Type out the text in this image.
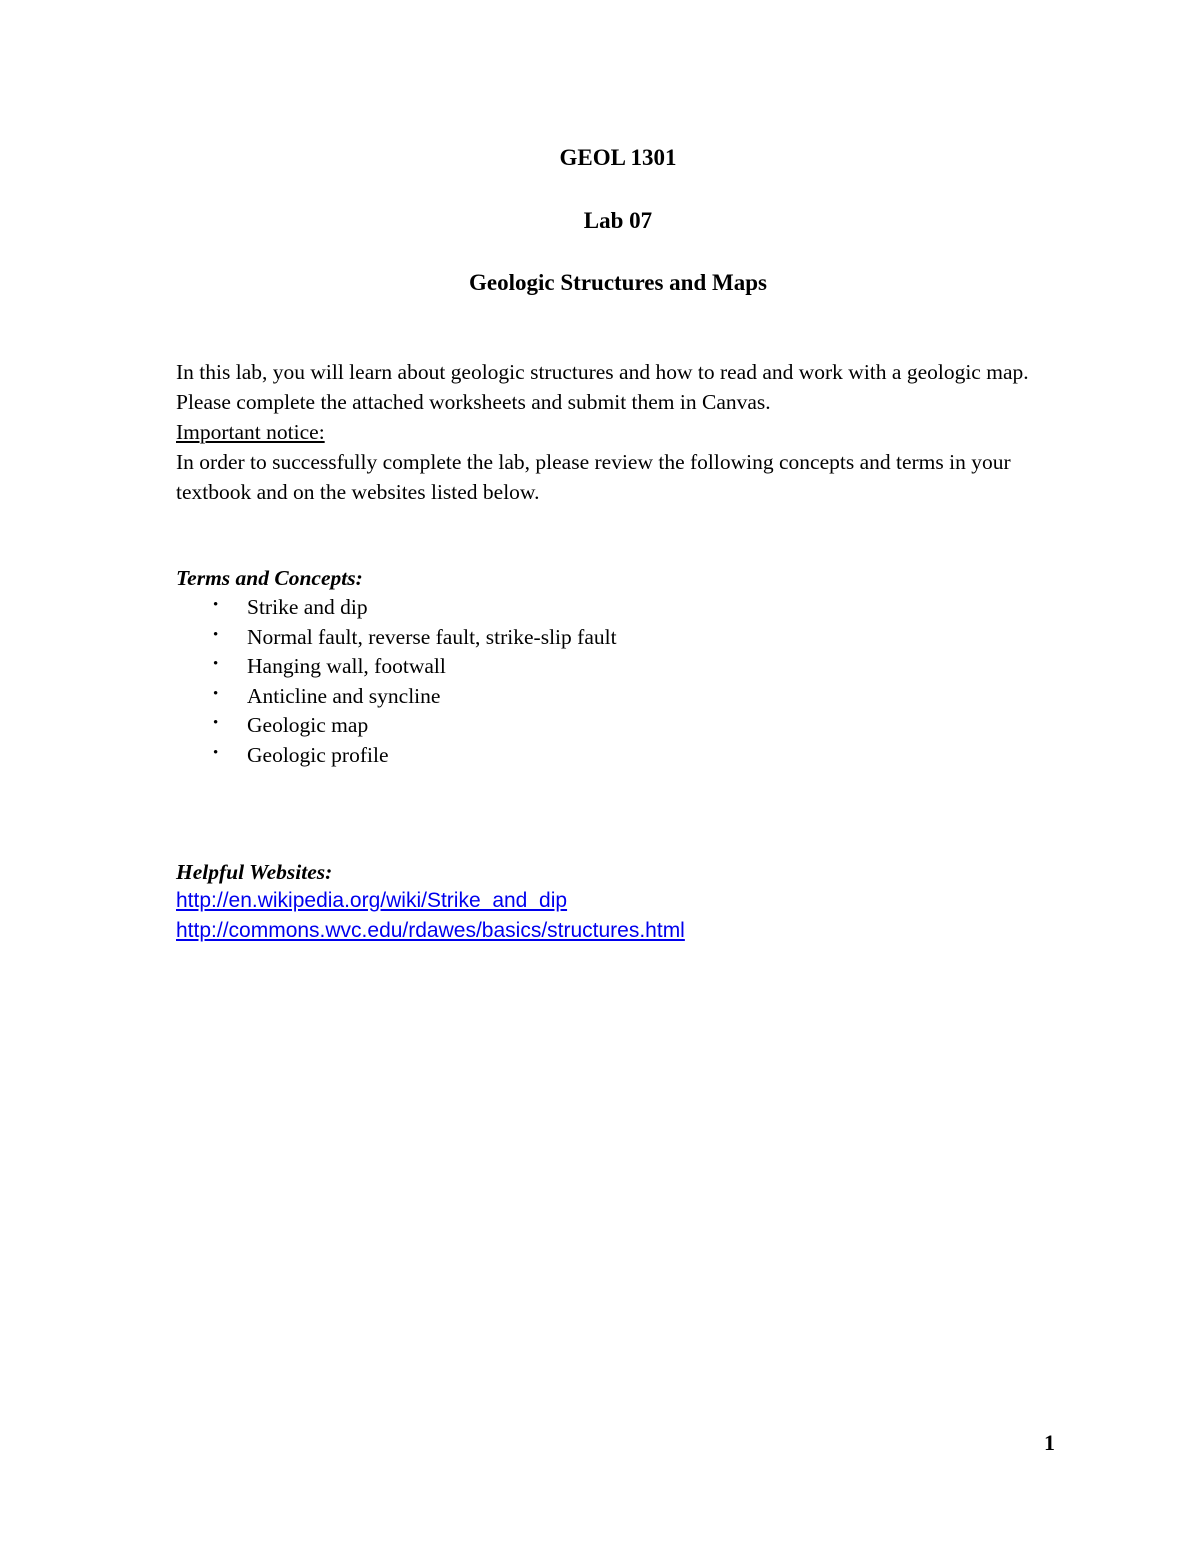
GEOL 1301
Lab 07
Geologic Structures and Maps

In this lab, you will learn about geologic structures and how to read and work with a geologic map. Please complete the attached worksheets and submit them in Canvas.

Important notice:

In order to successfully complete the lab, please review the following concepts and terms in your textbook and on the websites listed below.

Terms and Concepts:
• Strike and dip
• Normal fault, reverse fault, strike-slip fault
• Hanging wall, footwall
• Anticline and syncline
• Geologic map
• Geologic profile
Helpful Websites:
http://en.wikipedia.org/wiki/Strike_and_dip
http://commons.wvc.edu/rdawes/basics/structures.html
1
